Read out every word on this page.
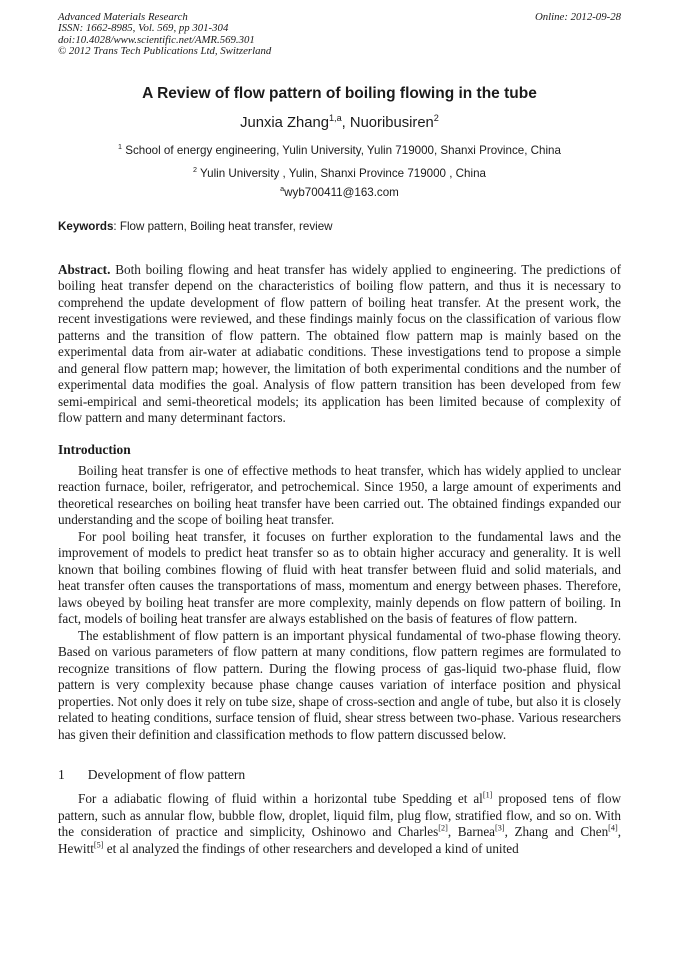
Advanced Materials Research
ISSN: 1662-8985, Vol. 569, pp 301-304
doi:10.4028/www.scientific.net/AMR.569.301
© 2012 Trans Tech Publications Ltd, Switzerland
Online: 2012-09-28
A Review of flow pattern of boiling flowing in the tube
Junxia Zhang$^{1,a}$, Nuoribusiren$^2$
$^1$ School of energy engineering, Yulin University, Yulin 719000, Shanxi Province, China
$^2$ Yulin University , Yulin, Shanxi Province 719000 , China
$^a$wyb700411@163.com
Keywords: Flow pattern, Boiling heat transfer, review

Abstract. Both boiling flowing and heat transfer has widely applied to engineering. The predictions of boiling heat transfer depend on the characteristics of boiling flow pattern, and thus it is necessary to comprehend the update development of flow pattern of boiling heat transfer. At the present work, the recent investigations were reviewed, and these findings mainly focus on the classification of various flow patterns and the transition of flow pattern. The obtained flow pattern map is mainly based on the experimental data from air-water at adiabatic conditions. These investigations tend to propose a simple and general flow pattern map; however, the limitation of both experimental conditions and the number of experimental data modifies the goal. Analysis of flow pattern transition has been developed from few semi-empirical and semi-theoretical models; its application has been limited because of complexity of flow pattern and many determinant factors.

Introduction

Boiling heat transfer is one of effective methods to heat transfer, which has widely applied to unclear reaction furnace, boiler, refrigerator, and petrochemical. Since 1950, a large amount of experiments and theoretical researches on boiling heat transfer have been carried out. The obtained findings expanded our understanding and the scope of boiling heat transfer.

For pool boiling heat transfer, it focuses on further exploration to the fundamental laws and the improvement of models to predict heat transfer so as to obtain higher accuracy and generality. It is well known that boiling combines flowing of fluid with heat transfer between fluid and solid materials, and heat transfer often causes the transportations of mass, momentum and energy between phases. Therefore, laws obeyed by boiling heat transfer are more complexity, mainly depends on flow pattern of boiling. In fact, models of boiling heat transfer are always established on the basis of features of flow pattern.

The establishment of flow pattern is an important physical fundamental of two-phase flowing theory. Based on various parameters of flow pattern at many conditions, flow pattern regimes are formulated to recognize transitions of flow pattern. During the flowing process of gas-liquid two-phase fluid, flow pattern is very complexity because phase change causes variation of interface position and physical properties. Not only does it rely on tube size, shape of cross-section and angle of tube, but also it is closely related to heating conditions, surface tension of fluid, shear stress between two-phase. Various researchers has given their definition and classification methods to flow pattern discussed below.

1 Development of flow pattern

For a adiabatic flowing of fluid within a horizontal tube Spedding et al[1] proposed tens of flow pattern, such as annular flow, bubble flow, droplet, liquid film, plug flow, stratified flow, and so on. With the consideration of practice and simplicity, Oshinowo and Charles[2], Barnea[3], Zhang and Chen[4], Hewitt[5] et al analyzed the findings of other researchers and developed a kind of united
